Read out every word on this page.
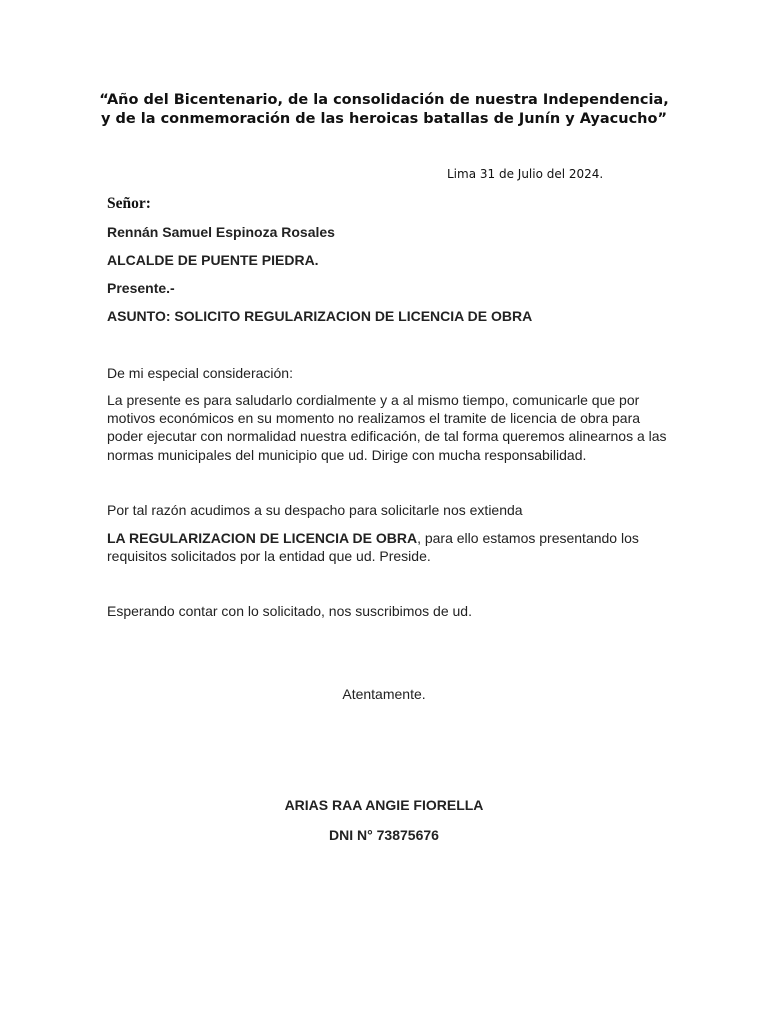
“Año del Bicentenario, de la consolidación de nuestra Independencia,
y de la conmemoración de las heroicas batallas de Junín y Ayacucho”
Lima 31 de Julio del 2024.
Señor:
Rennán Samuel Espinoza Rosales
ALCALDE DE PUENTE PIEDRA.
Presente.-
ASUNTO: SOLICITO REGULARIZACION DE LICENCIA DE OBRA
De mi especial consideración:
La presente es para saludarlo cordialmente y a al mismo tiempo, comunicarle que por
motivos económicos en su momento no realizamos el tramite de licencia de obra para
poder ejecutar con normalidad nuestra edificación, de tal forma queremos alinearnos a las
normas municipales del municipio que ud. Dirige con mucha responsabilidad.
Por tal razón acudimos a su despacho para solicitarle nos extienda
LA REGULARIZACION DE LICENCIA DE OBRA, para ello estamos presentando los
requisitos solicitados por la entidad que ud. Preside.
Esperando contar con lo solicitado, nos suscribimos de ud.
Atentamente.
ARIAS RAA ANGIE FIORELLA
DNI N° 73875676
